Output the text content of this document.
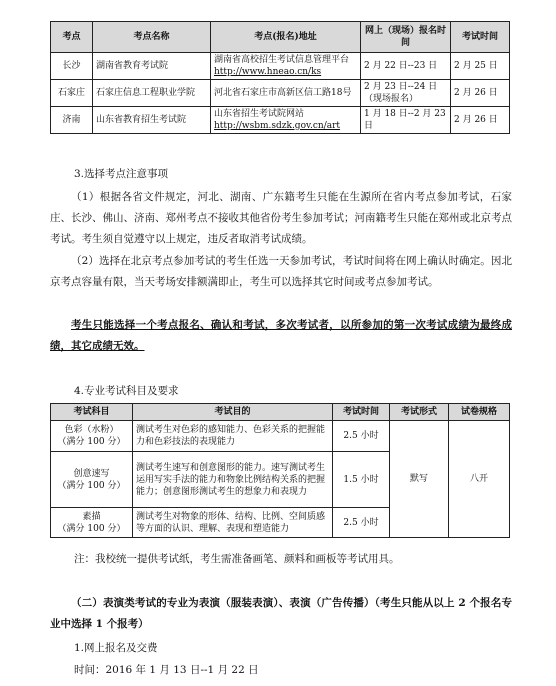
考点	考点名称	考点(报名)地址	网上（现场）报名时间	考试时间
长沙	湖南省教育考试院	湖南省高校招生考试信息管理平台
http://www.hneao.cn/ks	2 月 22 日--23 日	2 月 25 日
石家庄	石家庄信息工程职业学院	河北省石家庄市高新区信工路18号	2 月 23 日--24 日（现场报名）	2 月 26 日
济南	山东省教育招生考试院	山东省招生考试院网站
http://wsbm.sdzk.gov.cn/art	1 月 18 日--2 月 23 日	2 月 26 日
3.选择考点注意事项

（1）根据各省文件规定，河北、湖南、广东籍考生只能在生源所在省内考点参加考试，石家庄、长沙、佛山、济南、郑州考点不接收其他省份考生参加考试；河南籍考生只能在郑州或北京考点考试。考生须自觉遵守以上规定，违反者取消考试成绩。

（2）选择在北京考点参加考试的考生任选一天参加考试，考试时间将在网上确认时确定。因北京考点容量有限，当天考场安排额满即止，考生可以选择其它时间或考点参加考试。

考生只能选择一个考点报名、确认和考试，多次考试者，以所参加的第一次考试成绩为最终成绩，其它成绩无效。

4.专业考试科目及要求
考试科目	考试目的	考试时间	考试形式	试卷规格
色彩（水粉）
（满分 100 分）	测试考生对色彩的感知能力、色彩关系的把握能力和色彩技法的表现能力	2.5 小时	默写	八开
创意速写
（满分 100 分）	测试考生速写和创意图形的能力。速写测试考生运用写实手法的能力和物象比例结构关系的把握能力；创意图形测试考生的想象力和表现力	1.5 小时		
素描
（满分 100 分）	测试考生对物象的形体、结构、比例、空间质感等方面的认识、理解、表现和塑造能力	2.5 小时		
注：我校统一提供考试纸，考生需准备画笔、颜料和画板等考试用具。

（二）表演类考试的专业为表演（服装表演）、表演（广告传播）（考生只能从以上 2 个报名专业中选择 1 个报考）

1.网上报名及交费
时间：2016 年 1 月 13 日--1 月 22 日
